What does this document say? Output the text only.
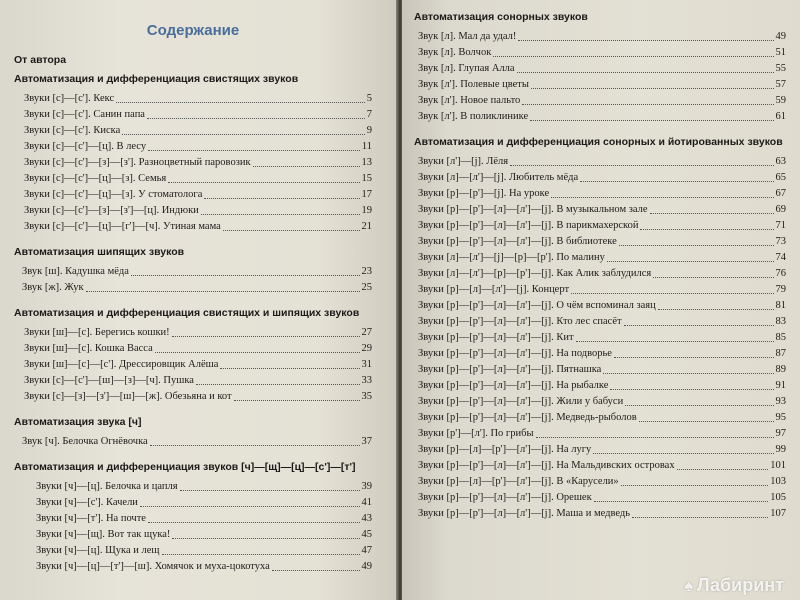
Содержание
От автора
Автоматизация и дифференциация свистящих звуков
Звуки [с]—[с']. Кекс	5
Звуки [с]—[с']. Санин папа	7
Звуки [с]—[с']. Киска	9
Звуки [с]—[с']—[ц]. В лесу	11
Звуки [с]—[с']—[з]—[з']. Разноцветный паровозик	13
Звуки [с]—[с']—[ц]—[з]. Семья	15
Звуки [с]—[с']—[ц]—[з]. У стоматолога	17
Звуки [с]—[с']—[з]—[з']—[ц]. Индюки	19
Звуки [с]—[с']—[ц]—[г']—[ч]. Утиная мама	21
Автоматизация шипящих звуков
Звук [ш]. Кадушка мёда	23
Звук [ж]. Жук	25
Автоматизация и дифференциация свистящих и шипящих звуков
Звуки [ш]—[с]. Берегись кошки!	27
Звуки [ш]—[с]. Кошка Васса	29
Звуки [ш]—[с]—[с']. Дрессировщик Алёша	31
Звуки [с]—[с']—[ш]—[з]—[ч]. Пушка	33
Звуки [с]—[з]—[з']—[ш]—[ж]. Обезьяна и кот	35
Автоматизация звука [ч]
Звук [ч]. Белочка Огнёвочка	37
Автоматизация и дифференциация звуков [ч]—[щ]—[ц]—[с']—[т']
Звуки [ч]—[ц]. Белочка и цапля	39
Звуки [ч]—[с']. Качели	41
Звуки [ч]—[т']. На почте	43
Звуки [ч]—[щ]. Вот так щука!	45
Звуки [ч]—[ц]. Щука и лещ	47
Звуки [ч]—[ц]—[т']—[ш]. Хомячок и муха-цокотуха	49
Автоматизация сонорных звуков
Звук [л]. Мал да удал!	49
Звук [л]. Волчок	51
Звук [л]. Глупая Алла	55
Звук [л']. Полевые цветы	57
Звук [л']. Новое пальто	59
Звук [л']. В поликлинике	61
Автоматизация и дифференциация сонорных и йотированных звуков
Звуки [л']—[j]. Лёля	63
Звуки [л]—[л']—[j]. Любитель мёда	65
Звуки [р]—[р']—[j]. На уроке	67
Звуки [р]—[р']—[л]—[л']—[j]. В музыкальном зале	69
Звуки [р]—[р']—[л]—[л']—[j]. В парикмахерской	71
Звуки [р]—[р']—[л]—[л']—[j]. В библиотеке	73
Звуки [л]—[л']—[j]—[р]—[р']. По малину	74
Звуки [л]—[л']—[р]—[р']—[j]. Как Алик заблудился	76
Звуки [р]—[л]—[л']—[j]. Концерт	79
Звуки [р]—[р']—[л]—[л']—[j]. О чём вспоминал заяц	81
Звуки [р]—[р']—[л]—[л']—[j]. Кто лес спасёт	83
Звуки [р]—[р']—[л]—[л']—[j]. Кит	85
Звуки [р]—[р']—[л]—[л']—[j]. На подворье	87
Звуки [р]—[р']—[л]—[л']—[j]. Пятнашка	89
Звуки [р]—[р']—[л]—[л']—[j]. На рыбалке	91
Звуки [р]—[р']—[л]—[л']—[j]. Жили у бабуси	93
Звуки [р]—[р']—[л]—[л']—[j]. Медведь-рыболов	95
Звуки [р']—[л']. По грибы	97
Звуки [р]—[л]—[р']—[л']—[j]. На лугу	99
Звуки [р]—[р']—[л]—[л']—[j]. На Мальдивских островах	101
Звуки [р]—[л]—[р']—[л']—[j]. В «Карусели»	103
Звуки [р]—[р']—[л]—[л']—[j]. Орешек	105
Звуки [р]—[р']—[л]—[л']—[j]. Маша и медведь	107
♠ Лабиринт
